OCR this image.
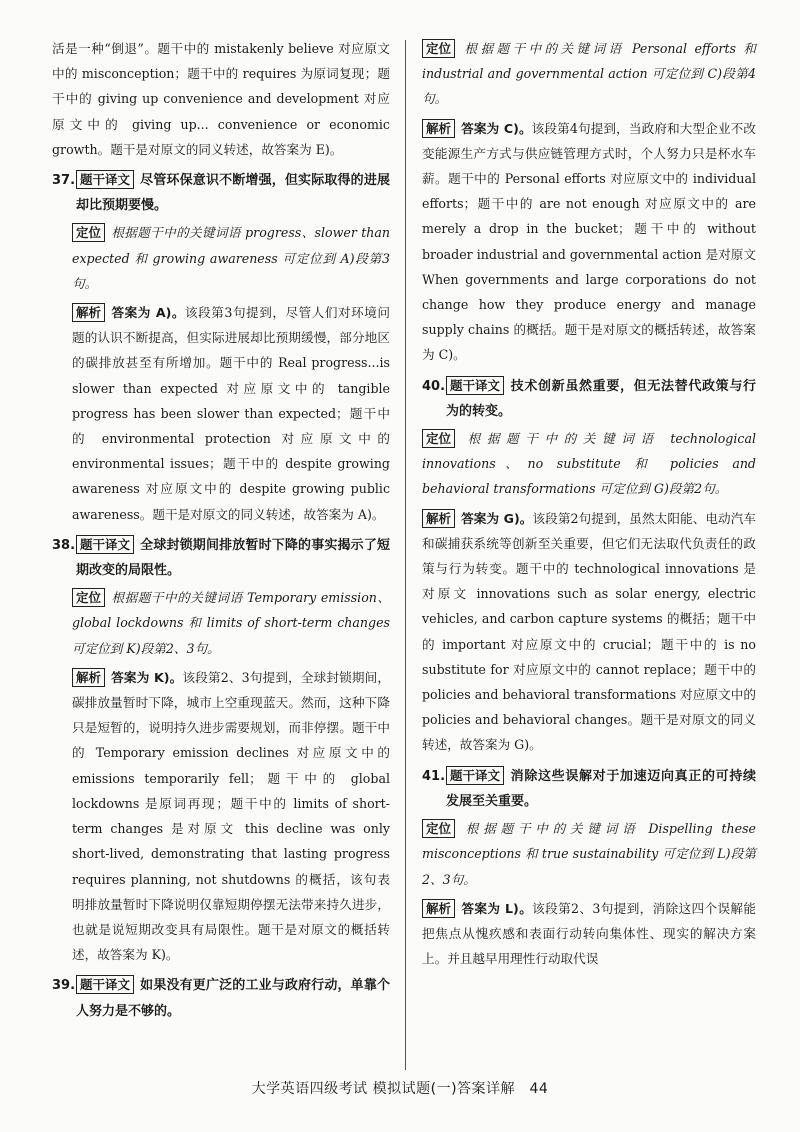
活是一种“倒退”。题干中的 mistakenly believe 对应原文中的 misconception；题干中的 requires 为原词复现；题干中的 giving up convenience and development 对应原文中的 giving up... convenience or economic growth。题干是对原文的同义转述，故答案为 E)。

37. 题干译文 尽管环保意识不断增强，但实际取得的进展却比预期要慢。
定位 根据题干中的关键词语 progress、slower than expected 和 growing awareness 可定位到 A)段第3句。
解析 答案为 A)。该段第3句提到，尽管人们对环境问题的认识不断提高，但实际进展却比预期缓慢，部分地区的碳排放甚至有所增加。题干中的 Real progress...is slower than expected 对应原文中的 tangible progress has been slower than expected；题干中的 environmental protection 对应原文中的 environmental issues；题干中的 despite growing awareness 对应原文中的 despite growing public awareness。题干是对原文的同义转述，故答案为 A)。
38. 题干译文 全球封锁期间排放暂时下降的事实揭示了短期改变的局限性。
定位 根据题干中的关键词语 Temporary emission、global lockdowns 和 limits of short-term changes 可定位到 K)段第2、3句。
解析 答案为 K)。该段第2、3句提到，全球封锁期间，碳排放量暂时下降，城市上空重现蓝天。然而，这种下降只是短暂的，说明持久进步需要规划，而非停摆。题干中的 Temporary emission declines 对应原文中的 emissions temporarily fell；题干中的 global lockdowns 是原词再现；题干中的 limits of short-term changes 是对原文 this decline was only short-lived, demonstrating that lasting progress requires planning, not shutdowns 的概括，该句表明排放量暂时下降说明仅靠短期停摆无法带来持久进步，也就是说短期改变具有局限性。题干是对原文的概括转述，故答案为 K)。
39. 题干译文 如果没有更广泛的工业与政府行动，单靠个人努力是不够的。
定位 根据题干中的关键词语 Personal efforts 和 industrial and governmental action 可定位到 C)段第4句。
解析 答案为 C)。该段第4句提到，当政府和大型企业不改变能源生产方式与供应链管理方式时，个人努力只是杯水车薪。题干中的 Personal efforts 对应原文中的 individual efforts；题干中的 are not enough 对应原文中的 are merely a drop in the bucket；题干中的 without broader industrial and governmental action 是对原文 When governments and large corporations do not change how they produce energy and manage supply chains 的概括。题干是对原文的概括转述，故答案为 C)。
40. 题干译文 技术创新虽然重要，但无法替代政策与行为的转变。
定位 根据题干中的关键词语 technological innovations、no substitute 和 policies and behavioral transformations 可定位到 G)段第2句。
解析 答案为 G)。该段第2句提到，虽然太阳能、电动汽车和碳捕获系统等创新至关重要，但它们无法取代负责任的政策与行为转变。题干中的 technological innovations 是对原文 innovations such as solar energy, electric vehicles, and carbon capture systems 的概括；题干中的 important 对应原文中的 crucial；题干中的 is no substitute for 对应原文中的 cannot replace；题干中的 policies and behavioral transformations 对应原文中的 policies and behavioral changes。题干是对原文的同义转述，故答案为 G)。
41. 题干译文 消除这些误解对于加速迈向真正的可持续发展至关重要。
定位 根据题干中的关键词语 Dispelling these misconceptions 和 true sustainability 可定位到 L)段第2、3句。
解析 答案为 L)。该段第2、3句提到，消除这四个误解能把焦点从愧疚感和表面行动转向集体性、现实的解决方案上。并且越早用理性行动取代误
大学英语四级考试 模拟试题(一)答案详解　44
